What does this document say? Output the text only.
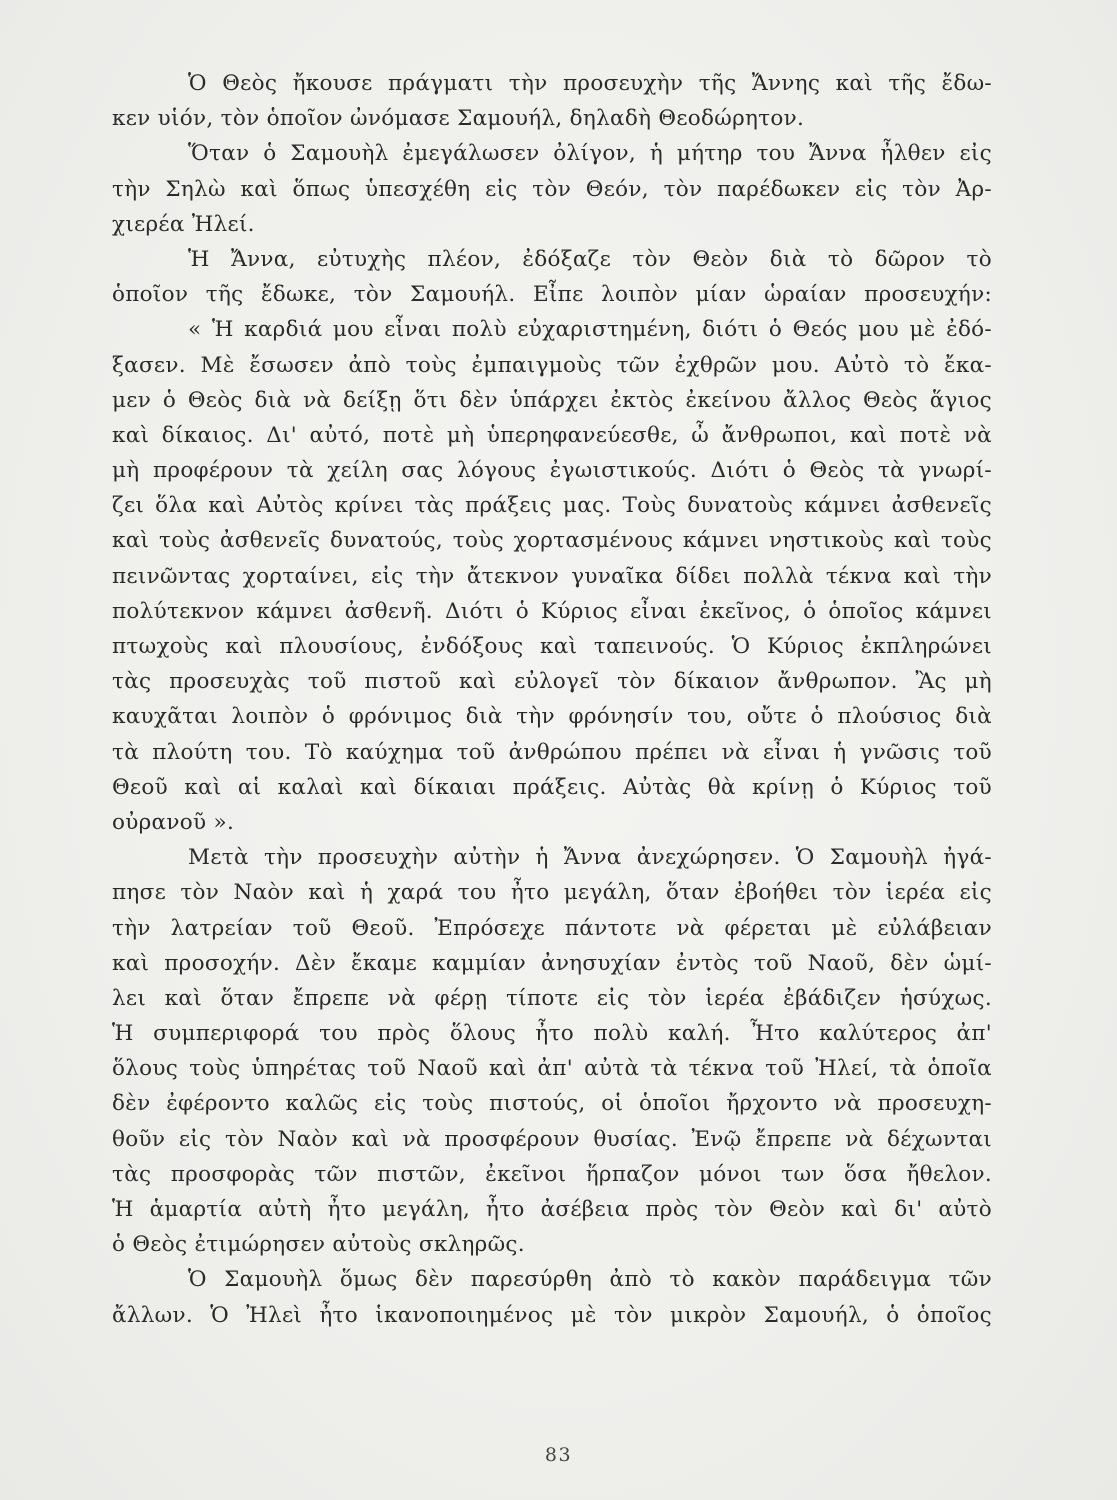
Ὁ Θεὸς ἤκουσε πράγματι τὴν προσευχὴν τῆς Ἄννης καὶ τῆς ἔδω-
κεν υἱόν, τὸν ὁποῖον ὠνόμασε Σαμουήλ, δηλαδὴ Θεοδώρητον.
Ὅταν ὁ Σαμουὴλ ἐμεγάλωσεν ὀλίγον, ἡ μήτηρ του Ἄννα ἦλθεν εἰς
τὴν Σηλὼ καὶ ὅπως ὑπεσχέθη εἰς τὸν Θεόν, τὸν παρέδωκεν εἰς τὸν Ἀρ-
χιερέα Ἠλεί.
Ἡ Ἄννα, εὐτυχὴς πλέον, ἐδόξαζε τὸν Θεὸν διὰ τὸ δῶρον τὸ
ὁποῖον τῆς ἔδωκε, τὸν Σαμουήλ. Εἶπε λοιπὸν μίαν ὡραίαν προσευχήν:
« Ἡ καρδιά μου εἶναι πολὺ εὐχαριστημένη, διότι ὁ Θεός μου μὲ ἐδό-
ξασεν. Μὲ ἔσωσεν ἀπὸ τοὺς ἐμπαιγμοὺς τῶν ἐχθρῶν μου. Αὐτὸ τὸ ἔκα-
μεν ὁ Θεὸς διὰ νὰ δείξῃ ὅτι δὲν ὑπάρχει ἐκτὸς ἐκείνου ἄλλος Θεὸς ἅγιος
καὶ δίκαιος. Δι' αὐτό, ποτὲ μὴ ὑπερηφανεύεσθε, ὦ ἄνθρωποι, καὶ ποτὲ νὰ
μὴ προφέρουν τὰ χείλη σας λόγους ἐγωιστικούς. Διότι ὁ Θεὸς τὰ γνωρί-
ζει ὅλα καὶ Αὐτὸς κρίνει τὰς πράξεις μας. Τοὺς δυνατοὺς κάμνει ἀσθενεῖς
καὶ τοὺς ἀσθενεῖς δυνατούς, τοὺς χορτασμένους κάμνει νηστικοὺς καὶ τοὺς
πεινῶντας χορταίνει, εἰς τὴν ἄτεκνον γυναῖκα δίδει πολλὰ τέκνα καὶ τὴν
πολύτεκνον κάμνει ἀσθενῆ. Διότι ὁ Κύριος εἶναι ἐκεῖνος, ὁ ὁποῖος κάμνει
πτωχοὺς καὶ πλουσίους, ἐνδόξους καὶ ταπεινούς. Ὁ Κύριος ἐκπληρώνει
τὰς προσευχὰς τοῦ πιστοῦ καὶ εὐλογεῖ τὸν δίκαιον ἄνθρωπον. Ἂς μὴ
καυχᾶται λοιπὸν ὁ φρόνιμος διὰ τὴν φρόνησίν του, οὔτε ὁ πλούσιος διὰ
τὰ πλούτη του. Τὸ καύχημα τοῦ ἀνθρώπου πρέπει νὰ εἶναι ἡ γνῶσις τοῦ
Θεοῦ καὶ αἱ καλαὶ καὶ δίκαιαι πράξεις. Αὐτὰς θὰ κρίνῃ ὁ Κύριος τοῦ
οὐρανοῦ ».
Μετὰ τὴν προσευχὴν αὐτὴν ἡ Ἄννα ἀνεχώρησεν. Ὁ Σαμουὴλ ἠγά-
πησε τὸν Ναὸν καὶ ἡ χαρά του ἦτο μεγάλη, ὅταν ἐβοήθει τὸν ἱερέα εἰς
τὴν λατρείαν τοῦ Θεοῦ. Ἐπρόσεχε πάντοτε νὰ φέρεται μὲ εὐλάβειαν
καὶ προσοχήν. Δὲν ἔκαμε καμμίαν ἀνησυχίαν ἐντὸς τοῦ Ναοῦ, δὲν ὡμί-
λει καὶ ὅταν ἔπρεπε νὰ φέρῃ τίποτε εἰς τὸν ἱερέα ἐβάδιζεν ἡσύχως.
Ἡ συμπεριφορά του πρὸς ὅλους ἦτο πολὺ καλή. Ἦτο καλύτερος ἀπ'
ὅλους τοὺς ὑπηρέτας τοῦ Ναοῦ καὶ ἀπ' αὐτὰ τὰ τέκνα τοῦ Ἠλεί, τὰ ὁποῖα
δὲν ἐφέροντο καλῶς εἰς τοὺς πιστούς, οἱ ὁποῖοι ἤρχοντο νὰ προσευχη-
θοῦν εἰς τὸν Ναὸν καὶ νὰ προσφέρουν θυσίας. Ἐνῷ ἔπρεπε νὰ δέχωνται
τὰς προσφορὰς τῶν πιστῶν, ἐκεῖνοι ἥρπαζον μόνοι των ὅσα ἤθελον.
Ἡ ἁμαρτία αὐτὴ ἦτο μεγάλη, ἦτο ἀσέβεια πρὸς τὸν Θεὸν καὶ δι' αὐτὸ
ὁ Θεὸς ἐτιμώρησεν αὐτοὺς σκληρῶς.
Ὁ Σαμουὴλ ὅμως δὲν παρεσύρθη ἀπὸ τὸ κακὸν παράδειγμα τῶν
ἄλλων. Ὁ Ἠλεὶ ἦτο ἱκανοποιημένος μὲ τὸν μικρὸν Σαμουήλ, ὁ ὁποῖος
83
